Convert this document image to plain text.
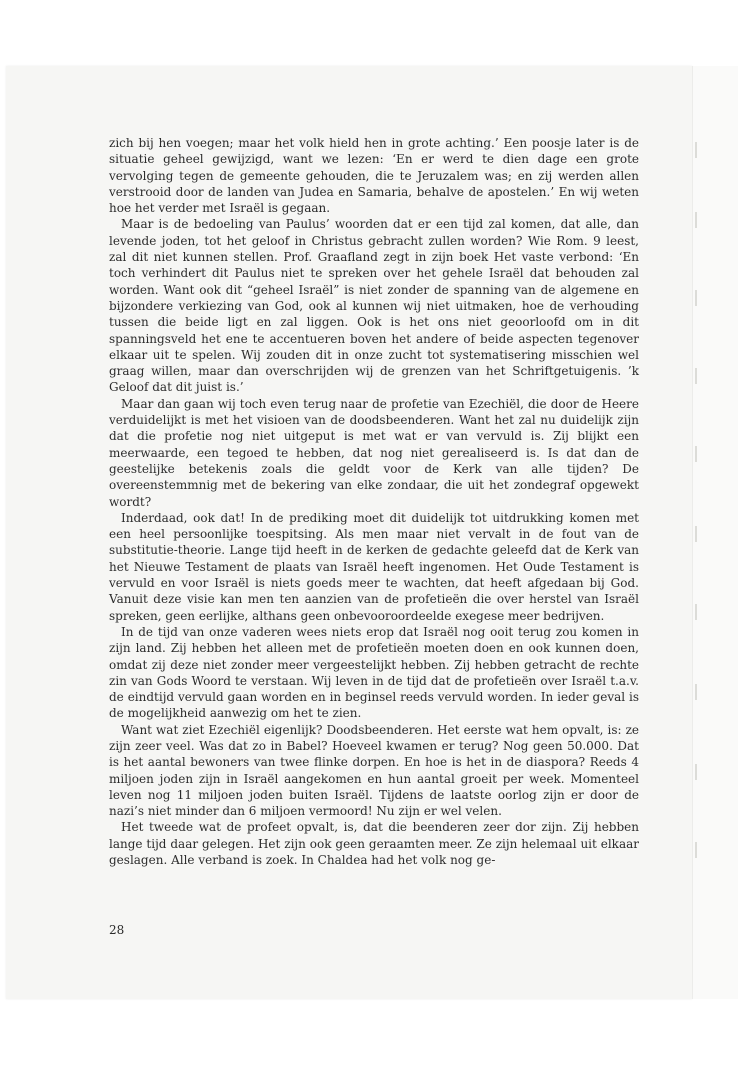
zich bij hen voegen; maar het volk hield hen in grote achting.’ Een poosje later is de situatie geheel gewijzigd, want we lezen: ‘En er werd te dien dage een grote vervolging tegen de gemeente gehouden, die te Jeruzalem was; en zij werden allen verstrooid door de landen van Judea en Samaria, behalve de apostelen.’ En wij weten hoe het verder met Israël is gegaan.

Maar is de bedoeling van Paulus’ woorden dat er een tijd zal komen, dat alle, dan levende joden, tot het geloof in Christus gebracht zullen worden? Wie Rom. 9 leest, zal dit niet kunnen stellen. Prof. Graafland zegt in zijn boek Het vaste verbond: ‘En toch verhindert dit Paulus niet te spreken over het gehele Israël dat behouden zal worden. Want ook dit “geheel Israël” is niet zonder de spanning van de algemene en bijzondere verkiezing van God, ook al kunnen wij niet uitmaken, hoe de verhouding tussen die beide ligt en zal liggen. Ook is het ons niet geoorloofd om in dit spanningsveld het ene te accentueren boven het andere of beide aspecten tegenover elkaar uit te spelen. Wij zouden dit in onze zucht tot systematisering misschien wel graag willen, maar dan overschrijden wij de grenzen van het Schriftgetuigenis. ’k Geloof dat dit juist is.’

Maar dan gaan wij toch even terug naar de profetie van Ezechiël, die door de Heere verduidelijkt is met het visioen van de doodsbeenderen. Want het zal nu duidelijk zijn dat die profetie nog niet uitgeput is met wat er van vervuld is. Zij blijkt een meerwaarde, een tegoed te hebben, dat nog niet gerealiseerd is. Is dat dan de geestelijke betekenis zoals die geldt voor de Kerk van alle tijden? De overeenstemmnig met de bekering van elke zondaar, die uit het zondegraf opgewekt wordt?

Inderdaad, ook dat! In de prediking moet dit duidelijk tot uitdrukking komen met een heel persoonlijke toespitsing. Als men maar niet vervalt in de fout van de substitutie-theorie. Lange tijd heeft in de kerken de gedachte geleefd dat de Kerk van het Nieuwe Testament de plaats van Israël heeft ingenomen. Het Oude Testament is vervuld en voor Israël is niets goeds meer te wachten, dat heeft afgedaan bij God. Vanuit deze visie kan men ten aanzien van de profetieën die over herstel van Israël spreken, geen eerlijke, althans geen onbevooroordeelde exegese meer bedrijven.

In de tijd van onze vaderen wees niets erop dat Israël nog ooit terug zou komen in zijn land. Zij hebben het alleen met de profetieën moeten doen en ook kunnen doen, omdat zij deze niet zonder meer vergeestelijkt hebben. Zij hebben getracht de rechte zin van Gods Woord te verstaan. Wij leven in de tijd dat de profetieën over Israël t.a.v. de eindtijd vervuld gaan worden en in beginsel reeds vervuld worden. In ieder geval is de mogelijkheid aanwezig om het te zien.

Want wat ziet Ezechiël eigenlijk? Doodsbeenderen. Het eerste wat hem opvalt, is: ze zijn zeer veel. Was dat zo in Babel? Hoeveel kwamen er terug? Nog geen 50.000. Dat is het aantal bewoners van twee flinke dorpen. En hoe is het in de diaspora? Reeds 4 miljoen joden zijn in Israël aangekomen en hun aantal groeit per week. Momenteel leven nog 11 miljoen joden buiten Israël. Tijdens de laatste oorlog zijn er door de nazi’s niet minder dan 6 miljoen vermoord! Nu zijn er wel velen.

Het tweede wat de profeet opvalt, is, dat die beenderen zeer dor zijn. Zij hebben lange tijd daar gelegen. Het zijn ook geen geraamten meer. Ze zijn helemaal uit elkaar geslagen. Alle verband is zoek. In Chaldea had het volk nog ge-

28
